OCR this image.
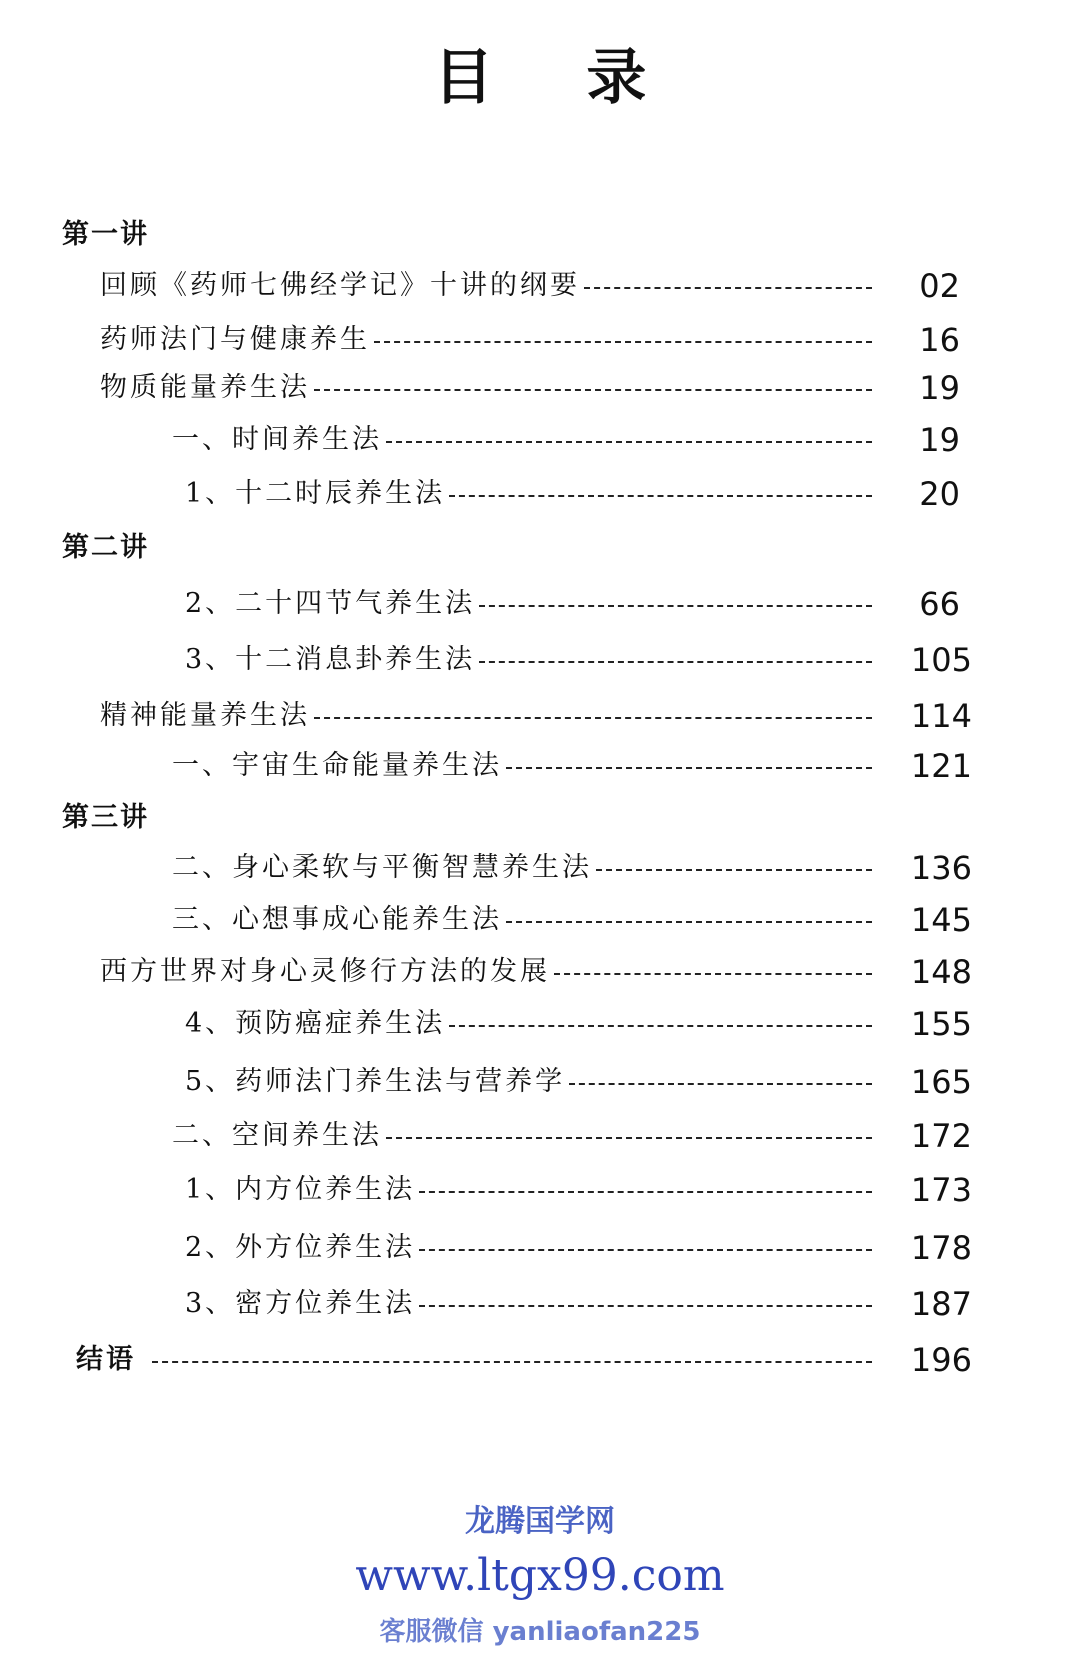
目 录
第一讲
回顾《药师七佛经学记》十讲的纲要	02
药师法门与健康养生	16
物质能量养生法	19
一、时间养生法	19
1、十二时辰养生法	20
第二讲
2、二十四节气养生法	66
3、十二消息卦养生法	105
精神能量养生法	114
一、宇宙生命能量养生法	121
第三讲
二、身心柔软与平衡智慧养生法	136
三、心想事成心能养生法	145
西方世界对身心灵修行方法的发展	148
4、预防癌症养生法	155
5、药师法门养生法与营养学	165
二、空间养生法	172
1、内方位养生法	173
2、外方位养生法	178
3、密方位养生法	187
结语	196
龙腾国学网
www.ltgx99.com
客服微信 yanliaofan225
